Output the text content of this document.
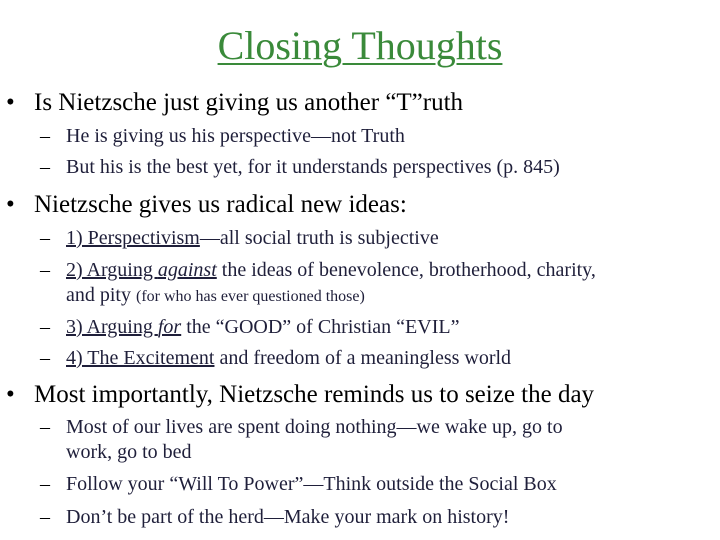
Closing Thoughts
• Is Nietzsche just giving us another “T”ruth
– He is giving us his perspective—not Truth
– But his is the best yet, for it understands perspectives (p. 845)
• Nietzsche gives us radical new ideas:
– 1) Perspectivism—all social truth is subjective
– 2) Arguing against the ideas of benevolence, brotherhood, charity,
and pity (for who has ever questioned those)
– 3) Arguing for the “GOOD” of Christian “EVIL”
– 4) The Excitement and freedom of a meaningless world
• Most importantly, Nietzsche reminds us to seize the day
– Most of our lives are spent doing nothing—we wake up, go to
work, go to bed
– Follow your “Will To Power”—Think outside the Social Box
– Don’t be part of the herd—Make your mark on history!
